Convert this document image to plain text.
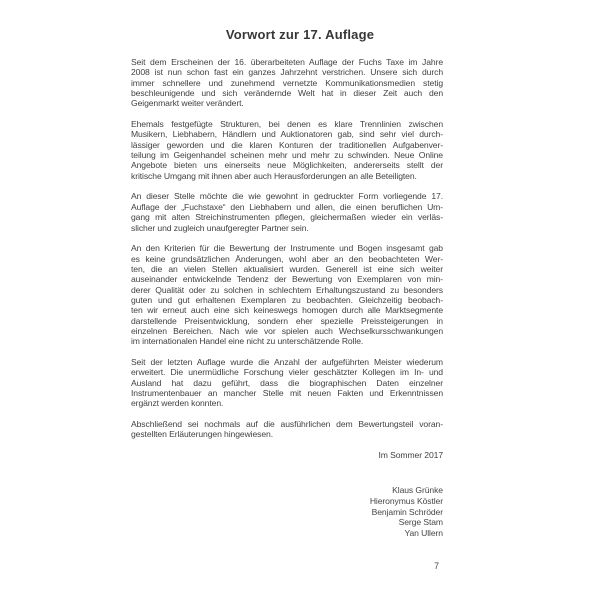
Vorwort zur 17. Auflage
Seit dem Erscheinen der 16. überarbeiteten Auflage der Fuchs Taxe im Jahre
2008 ist nun schon fast ein ganzes Jahrzehnt verstrichen. Unsere sich durch
immer schnellere und zunehmend vernetzte Kommunikationsmedien stetig
beschleunigende und sich verändernde Welt hat in dieser Zeit auch den
Geigenmarkt weiter verändert.
Ehemals festgefügte Strukturen, bei denen es klare Trennlinien zwischen
Musikern, Liebhabern, Händlern und Auktionatoren gab, sind sehr viel durch-
lässiger geworden und die klaren Konturen der traditionellen Aufgabenver-
teilung im Geigenhandel scheinen mehr und mehr zu schwinden. Neue Online
Angebote bieten uns einerseits neue Möglichkeiten, andererseits stellt der
kritische Umgang mit ihnen aber auch Herausforderungen an alle Beteiligten.
An dieser Stelle möchte die wie gewohnt in gedruckter Form vorliegende 17.
Auflage der „Fuchstaxe“ den Liebhabern und allen, die einen beruflichen Um-
gang mit alten Streichinstrumenten pflegen, gleichermaßen wieder ein verläs-
slicher und zugleich unaufgeregter Partner sein.
An den Kriterien für die Bewertung der Instrumente und Bogen insgesamt gab
es keine grundsätzlichen Änderungen, wohl aber an den beobachteten Wer-
ten, die an vielen Stellen aktualisiert wurden. Generell ist eine sich weiter
auseinander entwickelnde Tendenz der Bewertung von Exemplaren von min-
derer Qualität oder zu solchen in schlechtem Erhaltungszustand zu besonders
guten und gut erhaltenen Exemplaren zu beobachten. Gleichzeitig beobach-
ten wir erneut auch eine sich keineswegs homogen durch alle Marktsegmente
darstellende Preisentwicklung, sondern eher spezielle Preissteigerungen in
einzelnen Bereichen. Nach wie vor spielen auch Wechselkursschwankungen
im internationalen Handel eine nicht zu unterschätzende Rolle.
Seit der letzten Auflage wurde die Anzahl der aufgeführten Meister wiederum
erweitert. Die unermüdliche Forschung vieler geschätzter Kollegen im In- und
Ausland hat dazu geführt, dass die biographischen Daten einzelner
Instrumentenbauer an mancher Stelle mit neuen Fakten und Erkenntnissen
ergänzt werden konnten.
Abschließend sei nochmals auf die ausführlichen dem Bewertungsteil voran-
gestellten Erläuterungen hingewiesen.
Im Sommer 2017
Klaus Grünke
Hieronymus Köstler
Benjamin Schröder
Serge Stam
Yan Ullern
7
